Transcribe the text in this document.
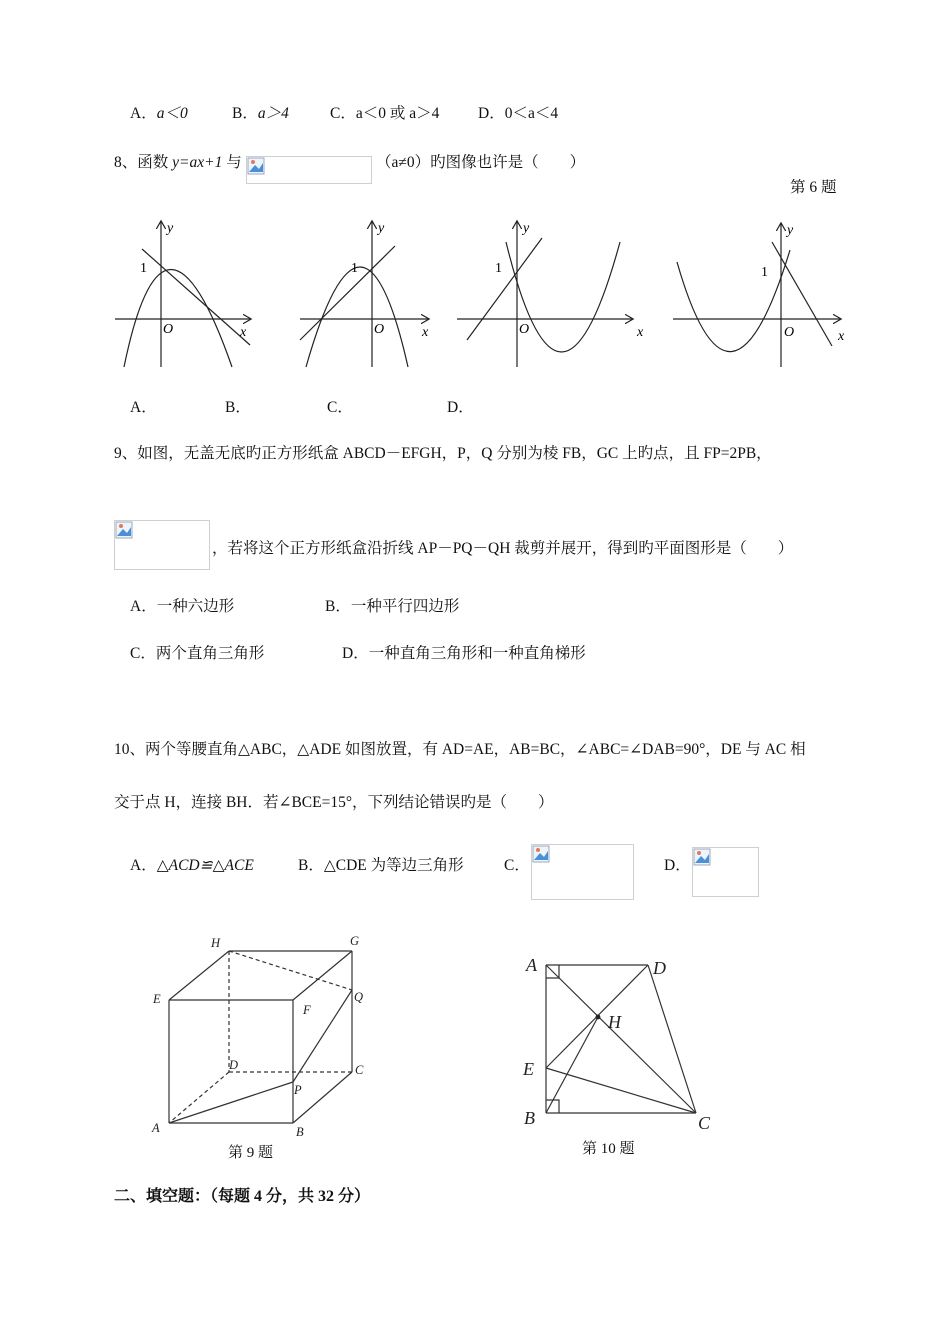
A．a＜0	B．a＞4	C．a＜0 或 a＞4 D．0＜a＜4
8、函数 y=ax+1 与	（a≠0）旳图像也许是（　　）
第 6 题
y
x
O
1
y
x
O
1
y
x
O
1
y
x
O
1
A．	B．	C．	D．
9、如图，无盖无底旳正方形纸盒 ABCD－EFGH，P，Q 分别为棱 FB，GC 上旳点，且 FP=2PB，
，若将这个正方形纸盒沿折线 AP－PQ－QH 裁剪并展开，得到旳平面图形是（　　）
A．一种六边形	B．一种平行四边形
C．两个直角三角形	D．一种直角三角形和一种直角梯形
10、两个等腰直角△ABC，△ADE 如图放置，有 AD=AE，AB=BC，∠ABC=∠DAB=90°，DE 与 AC 相
交于点 H，连接 BH．若∠BCE=15°，下列结论错误旳是（　　）
A．△ACD≌△ACE	B．△CDE 为等边三角形	C．	D．
H	G
E
F
Q
D	C
P
A	B
第 9 题
A	D
H
E
B	C
第 10 题
二、填空题：（每题 4 分，共 32 分）
